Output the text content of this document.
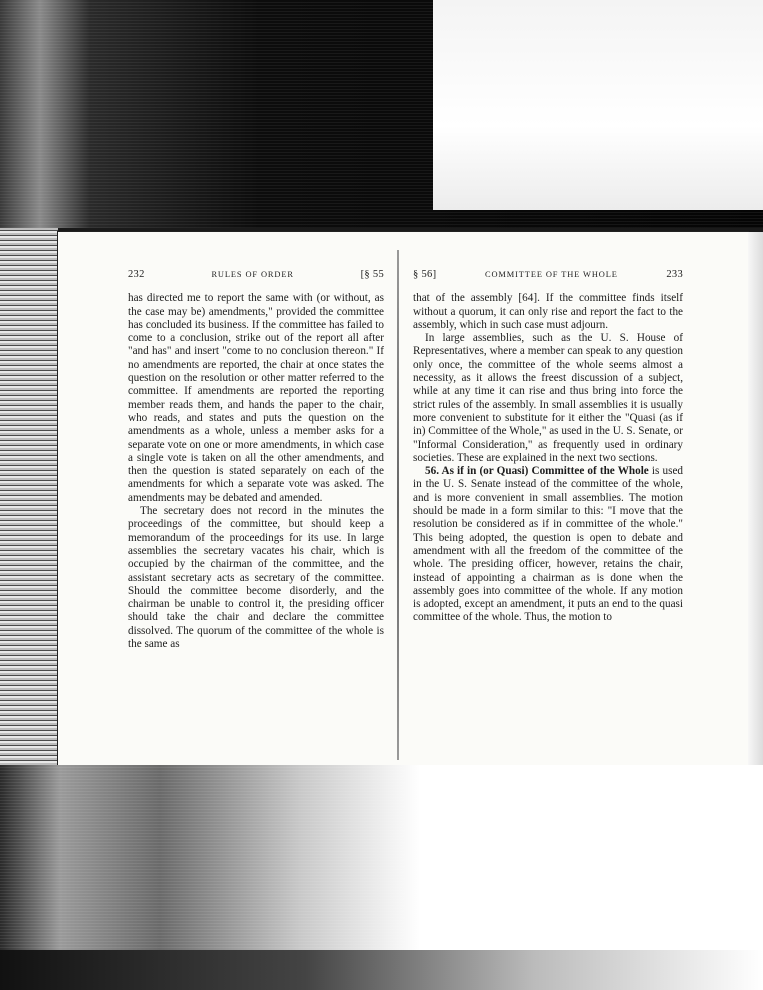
232	RULES OF ORDER	[§ 55

has directed me to report the same with (or without, as the case may be) amendments," provided the committee has concluded its business. If the committee has failed to come to a conclusion, strike out of the report all after "and has" and insert "come to no conclusion thereon." If no amendments are reported, the chair at once states the question on the resolution or other matter referred to the committee. If amendments are reported the reporting member reads them, and hands the paper to the chair, who reads, and states and puts the question on the amendments as a whole, unless a member asks for a separate vote on one or more amendments, in which case a single vote is taken on all the other amendments, and then the question is stated separately on each of the amendments for which a separate vote was asked. The amendments may be debated and amended.

The secretary does not record in the minutes the proceedings of the committee, but should keep a memorandum of the proceedings for its use. In large assemblies the secretary vacates his chair, which is occupied by the chairman of the committee, and the assistant secretary acts as secretary of the committee. Should the committee become disorderly, and the chairman be unable to control it, the presiding officer should take the chair and declare the committee dissolved. The quorum of the committee of the whole is the same as

§ 56]	COMMITTEE OF THE WHOLE	233

that of the assembly [64]. If the committee finds itself without a quorum, it can only rise and report the fact to the assembly, which in such case must adjourn.

In large assemblies, such as the U. S. House of Representatives, where a member can speak to any question only once, the committee of the whole seems almost a necessity, as it allows the freest discussion of a subject, while at any time it can rise and thus bring into force the strict rules of the assembly. In small assemblies it is usually more convenient to substitute for it either the "Quasi (as if in) Committee of the Whole," as used in the U. S. Senate, or "Informal Consideration," as frequently used in ordinary societies. These are explained in the next two sections.

56. As if in (or Quasi) Committee of the Whole is used in the U. S. Senate instead of the committee of the whole, and is more convenient in small assemblies. The motion should be made in a form similar to this: "I move that the resolution be considered as if in committee of the whole." This being adopted, the question is open to debate and amendment with all the freedom of the committee of the whole. The presiding officer, however, retains the chair, instead of appointing a chairman as is done when the assembly goes into committee of the whole. If any motion is adopted, except an amendment, it puts an end to the quasi committee of the whole. Thus, the motion to
